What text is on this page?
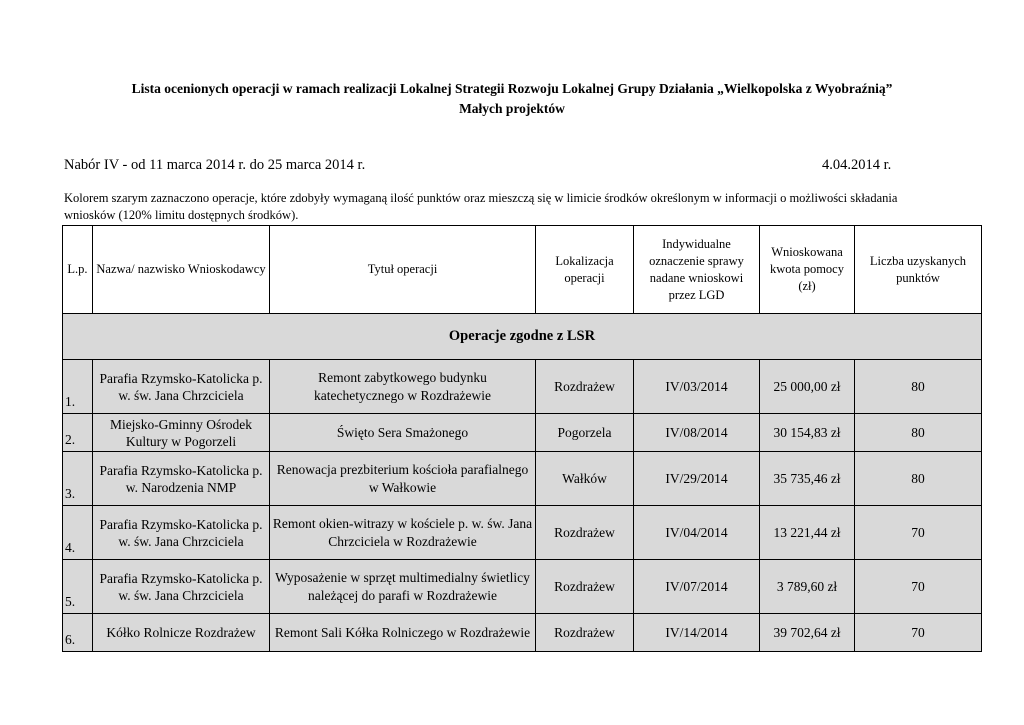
Lista ocenionych operacji w ramach realizacji Lokalnej Strategii Rozwoju Lokalnej Grupy Działania „Wielkopolska z Wyobraźnią”
Małych projektów
Nabór IV - od 11 marca 2014 r. do 25 marca 2014 r.	4.04.2014 r.
Kolorem szarym zaznaczono operacje, które zdobyły wymaganą ilość punktów oraz mieszczą się w limicie środków określonym w informacji o możliwości składania wniosków (120% limitu dostępnych środków).
L.p.	Nazwa/ nazwisko Wnioskodawcy	Tytuł operacji	Lokalizacja operacji	Indywidualne oznaczenie sprawy nadane wnioskowi przez LGD	Wnioskowana kwota pomocy (zł)	Liczba uzyskanych punktów
Operacje zgodne z LSR						
1.	Parafia Rzymsko-Katolicka p. w. św. Jana Chrzciciela	Remont zabytkowego budynku katechetycznego w Rozdrażewie	Rozdrażew	IV/03/2014	25 000,00 zł	80
2.	Miejsko-Gminny Ośrodek Kultury w Pogorzeli	Święto Sera Smażonego	Pogorzela	IV/08/2014	30 154,83 zł	80
3.	Parafia Rzymsko-Katolicka p. w. Narodzenia NMP	Renowacja prezbiterium kościoła parafialnego w Wałkowie	Wałków	IV/29/2014	35 735,46 zł	80
4.	Parafia Rzymsko-Katolicka p. w. św. Jana Chrzciciela	Remont okien-witrazy w kościele p. w. św. Jana Chrzciciela w Rozdrażewie	Rozdrażew	IV/04/2014	13 221,44 zł	70
5.	Parafia Rzymsko-Katolicka p. w. św. Jana Chrzciciela	Wyposażenie w sprzęt multimedialny świetlicy należącej do parafi w Rozdrażewie	Rozdrażew	IV/07/2014	3 789,60 zł	70
6.	Kółko Rolnicze Rozdrażew	Remont Sali Kółka Rolniczego w Rozdrażewie	Rozdrażew	IV/14/2014	39 702,64 zł	70
